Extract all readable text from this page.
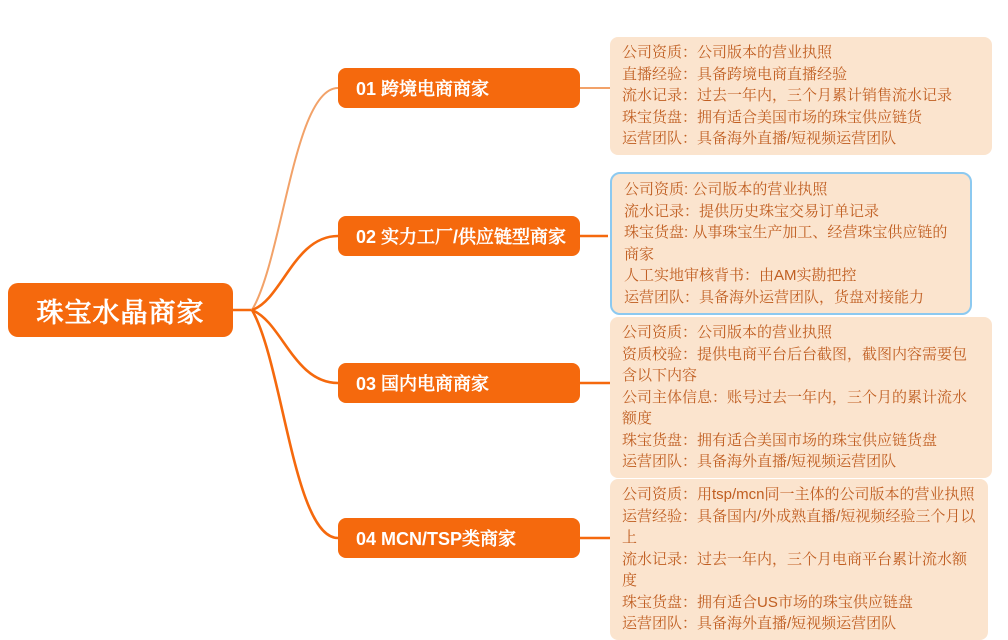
珠宝水晶商家
01 跨境电商商家
02 实力工厂/供应链型商家
03 国内电商商家
04 MCN/TSP类商家
公司资质：公司版本的营业执照
直播经验：具备跨境电商直播经验
流水记录：过去一年内，三个月累计销售流水记录
珠宝货盘：拥有适合美国市场的珠宝供应链货
运营团队：具备海外直播/短视频运营团队
公司资质: 公司版本的营业执照
流水记录：提供历史珠宝交易订单记录
珠宝货盘: 从事珠宝生产加工、经营珠宝供应链的商家
人工实地审核背书：由AM实勘把控
运营团队：具备海外运营团队，货盘对接能力
公司资质：公司版本的营业执照
资质校验：提供电商平台后台截图，截图内容需要包含以下内容
公司主体信息：账号过去一年内，三个月的累计流水额度
珠宝货盘：拥有适合美国市场的珠宝供应链货盘
运营团队：具备海外直播/短视频运营团队
公司资质：用tsp/mcn同一主体的公司版本的营业执照
运营经验：具备国内/外成熟直播/短视频经验三个月以上
流水记录：过去一年内，三个月电商平台累计流水额度
珠宝货盘：拥有适合US市场的珠宝供应链盘
运营团队：具备海外直播/短视频运营团队
